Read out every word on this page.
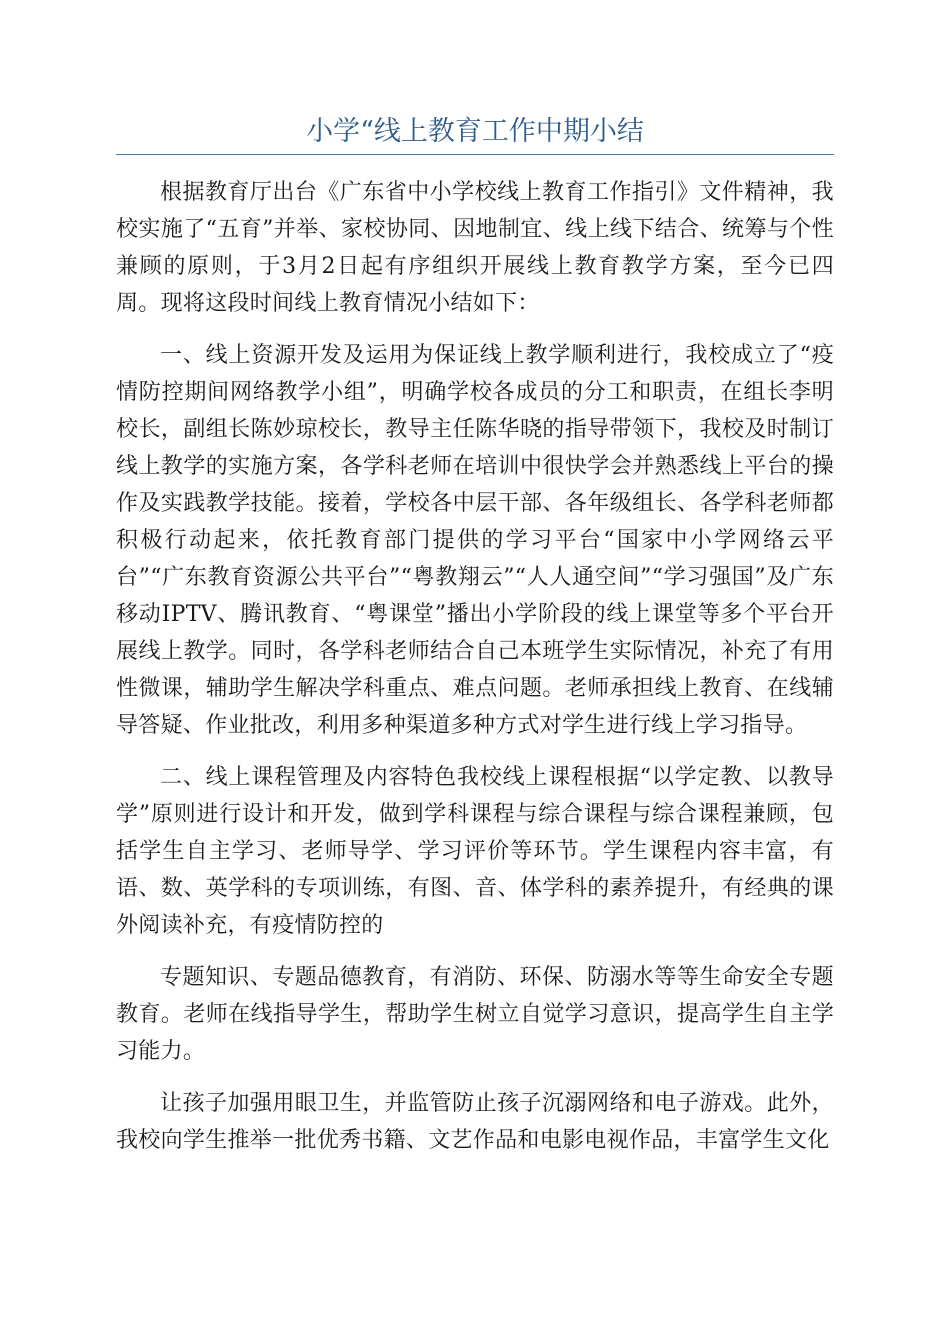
小学“线上教育工作中期小结

根据教育厅出台《广东省中小学校线上教育工作指引》文件精神，我校实施了“五育”并举、家校协同、因地制宜、线上线下结合、统筹与个性兼顾的原则，于3月2日起有序组织开展线上教育教学方案，至今已四周。现将这段时间线上教育情况小结如下：

一、线上资源开发及运用为保证线上教学顺利进行，我校成立了“疫情防控期间网络教学小组”，明确学校各成员的分工和职责，在组长李明校长，副组长陈妙琼校长，教导主任陈华晓的指导带领下，我校及时制订线上教学的实施方案，各学科老师在培训中很快学会并熟悉线上平台的操作及实践教学技能。接着，学校各中层干部、各年级组长、各学科老师都积极行动起来，依托教育部门提供的学习平台“国家中小学网络云平台”“广东教育资源公共平台”“粤教翔云”“人人通空间”“学习强国”及广东移动IPTV、腾讯教育、“粤课堂”播出小学阶段的线上课堂等多个平台开展线上教学。同时，各学科老师结合自己本班学生实际情况，补充了有用性微课，辅助学生解决学科重点、难点问题。老师承担线上教育、在线辅导答疑、作业批改，利用多种渠道多种方式对学生进行线上学习指导。

二、线上课程管理及内容特色我校线上课程根据“以学定教、以教导学”原则进行设计和开发，做到学科课程与综合课程与综合课程兼顾，包括学生自主学习、老师导学、学习评价等环节。学生课程内容丰富，有语、数、英学科的专项训练，有图、音、体学科的素养提升，有经典的课外阅读补充，有疫情防控的

专题知识、专题品德教育，有消防、环保、防溺水等等生命安全专题教育。老师在线指导学生，帮助学生树立自觉学习意识，提高学生自主学习能力。

让孩子加强用眼卫生，并监管防止孩子沉溺网络和电子游戏。此外，我校向学生推举一批优秀书籍、文艺作品和电影电视作品，丰富学生文化
